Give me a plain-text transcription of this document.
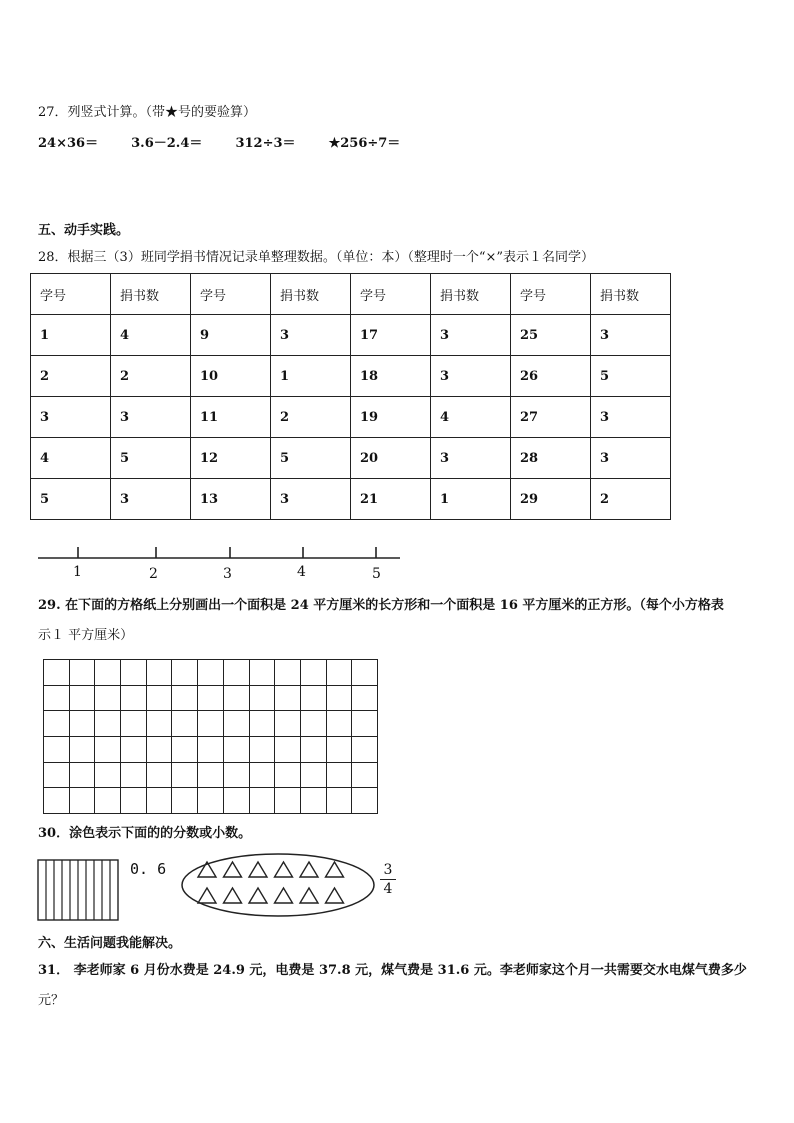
27．列竖式计算。（带★号的要验算）
24×36＝	3.6－2.4＝	312÷3＝	★256÷7＝
五、动手实践。
28．根据三（3）班同学捐书情况记录单整理数据。（单位：本）（整理时一个“×”表示１名同学）
学号	捐书数	学号	捐书数	学号	捐书数	学号	捐书数
1	4	9	3	17	3	25	3
2	2	10	1	18	3	26	5
3	3	11	2	19	4	27	3
4	5	12	5	20	3	28	3
5	3	13	3	21	1	29	2
1	2	3	4	5
29. 在下面的方格纸上分别画出一个面积是 24 平方厘米的长方形和一个面积是 16 平方厘米的正方形。（每个小方格表
示１ 平方厘米）

30．涂色表示下面的的分数或小数。
0. 6	3
4
六、生活问题我能解决。
31． 李老师家 6 月份水费是 24.9 元，电费是 37.8 元，煤气费是 31.6 元。李老师家这个月一共需要交水电煤气费多少
元？
